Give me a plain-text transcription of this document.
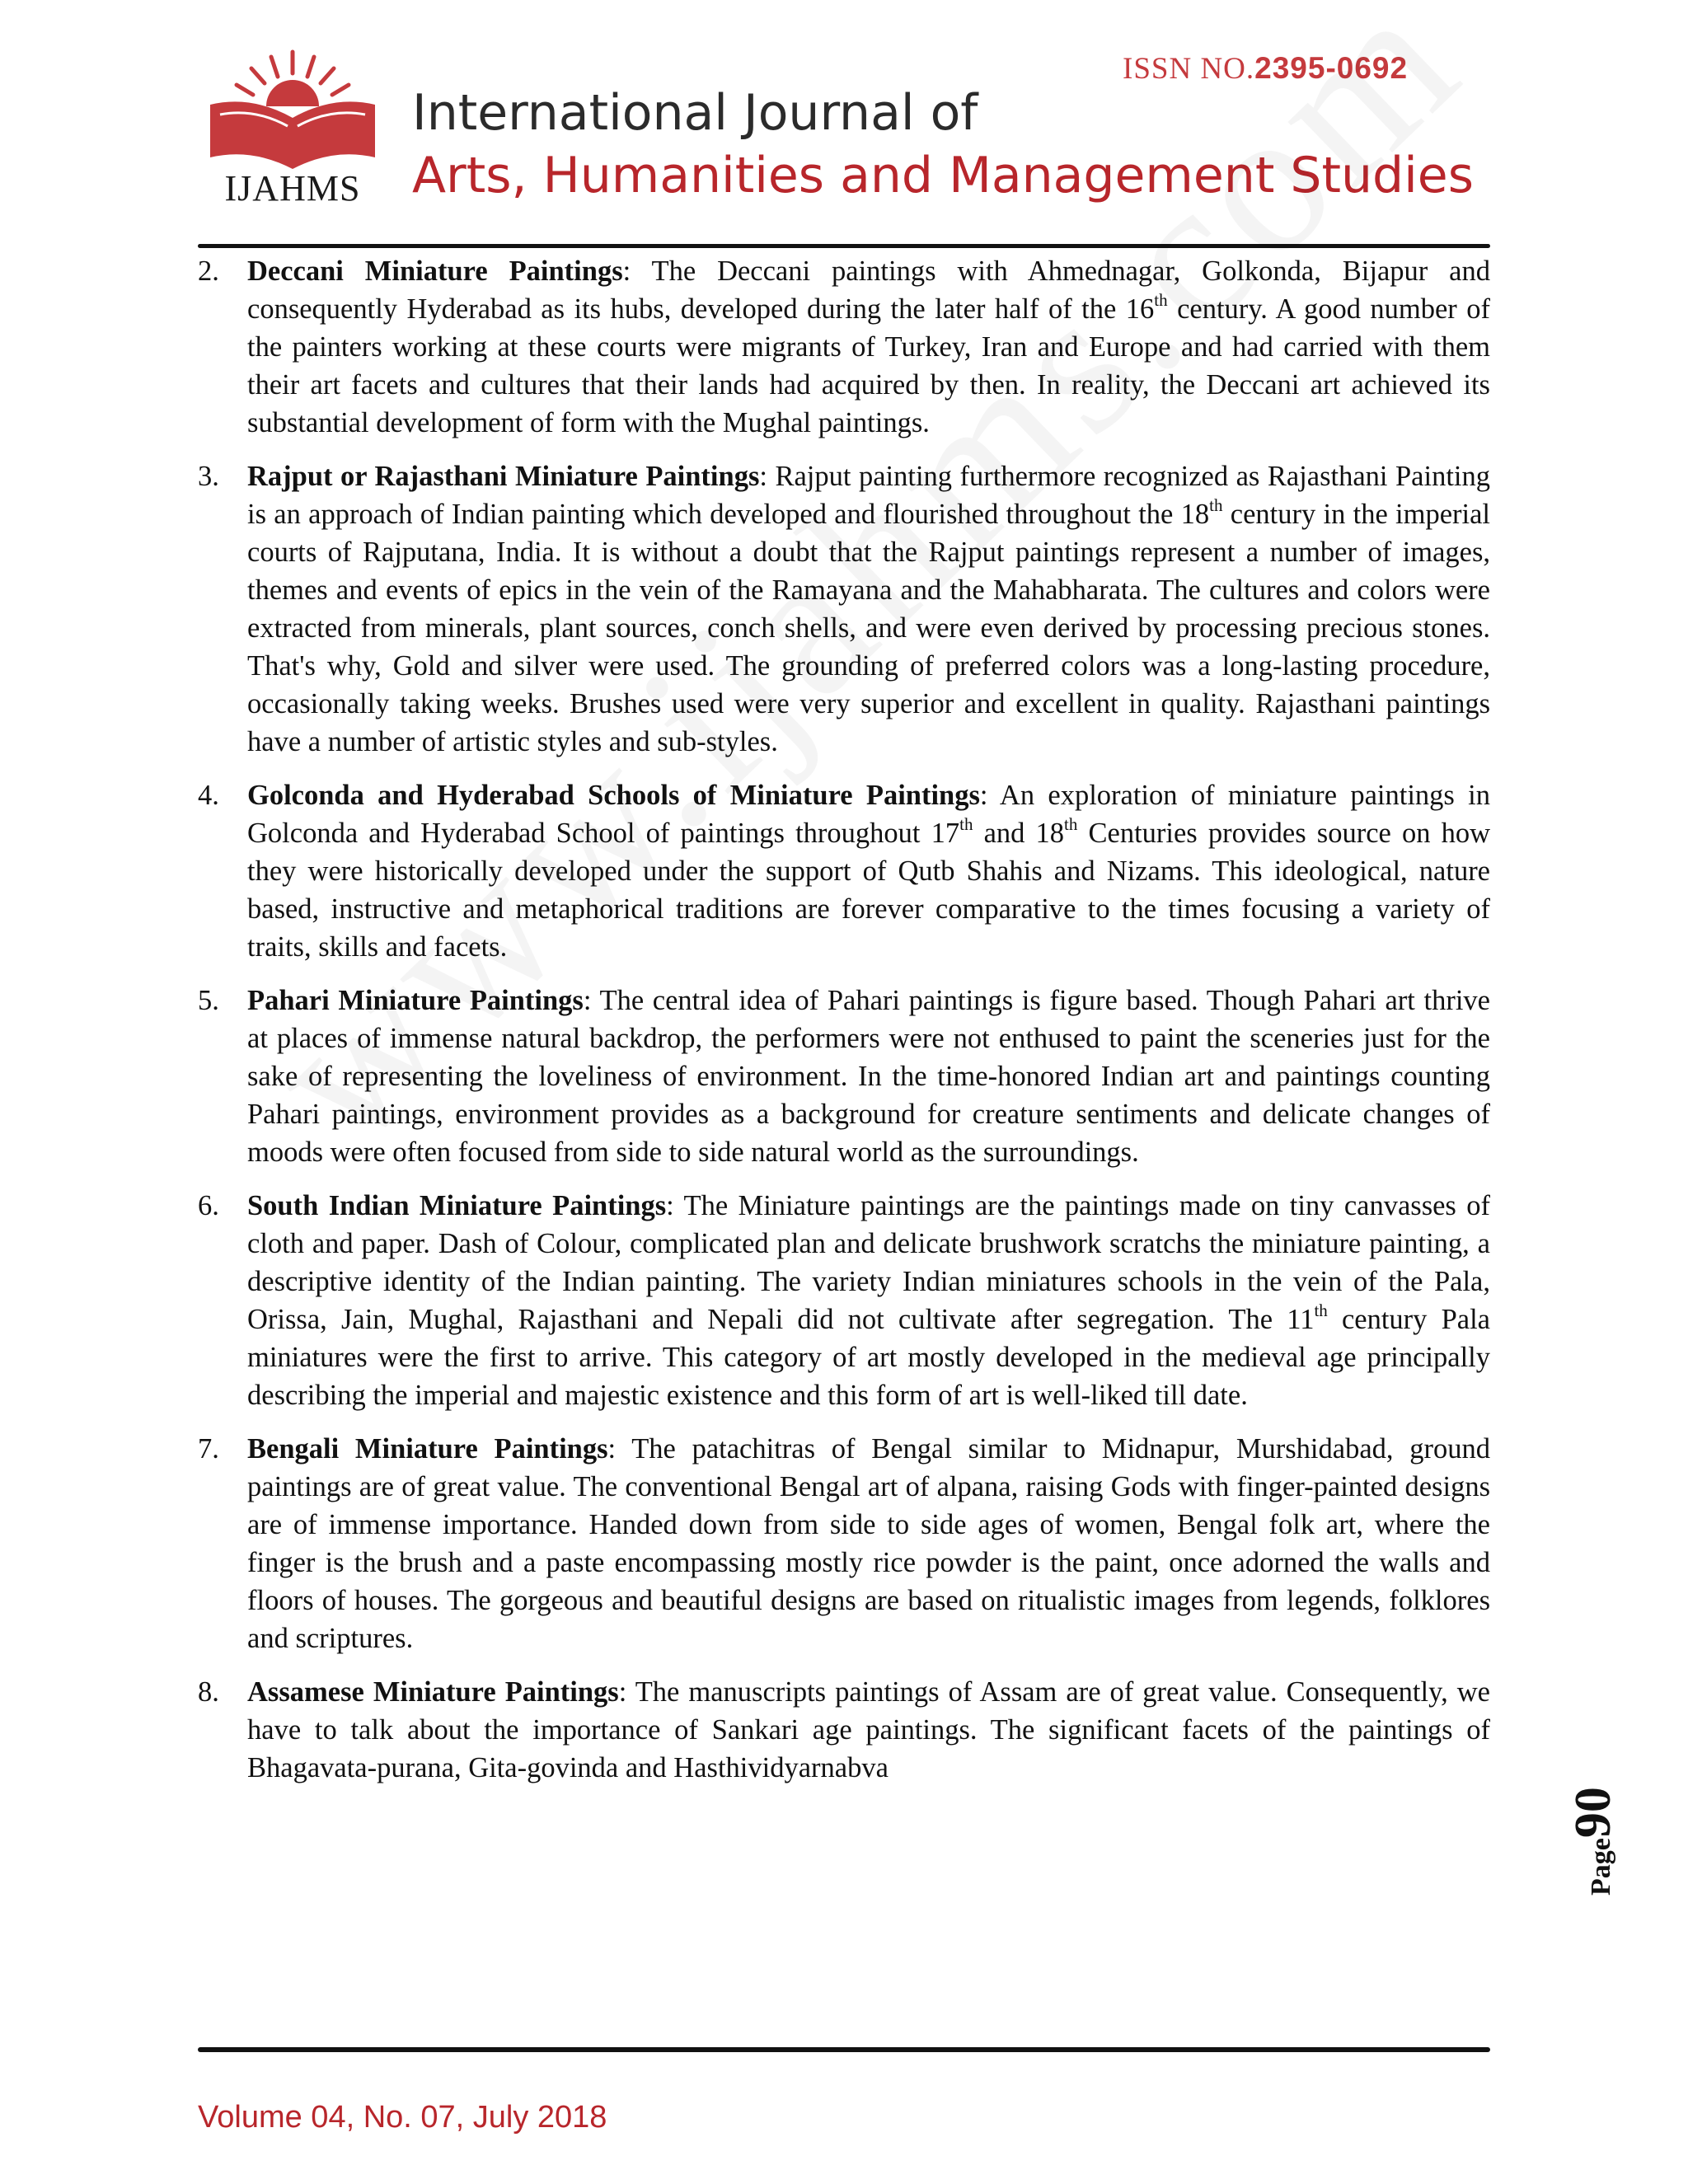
IJAHMS
ISSN NO.2395-0692
International Journal of
Arts, Humanities and Management Studies
2. Deccani Miniature Paintings: The Deccani paintings with Ahmednagar, Golkonda, Bijapur and consequently Hyderabad as its hubs, developed during the later half of the 16th century. A good number of the painters working at these courts were migrants of Turkey, Iran and Europe and had carried with them their art facets and cultures that their lands had acquired by then. In reality, the Deccani art achieved its substantial development of form with the Mughal paintings.
3. Rajput or Rajasthani Miniature Paintings: Rajput painting furthermore recognized as Rajasthani Painting is an approach of Indian painting which developed and flourished throughout the 18th century in the imperial courts of Rajputana, India. It is without a doubt that the Rajput paintings represent a number of images, themes and events of epics in the vein of the Ramayana and the Mahabharata. The cultures and colors were extracted from minerals, plant sources, conch shells, and were even derived by processing precious stones. That's why, Gold and silver were used. The grounding of preferred colors was a long-lasting procedure, occasionally taking weeks. Brushes used were very superior and excellent in quality. Rajasthani paintings have a number of artistic styles and sub-styles.
4. Golconda and Hyderabad Schools of Miniature Paintings: An exploration of miniature paintings in Golconda and Hyderabad School of paintings throughout 17th and 18th Centuries provides source on how they were historically developed under the support of Qutb Shahis and Nizams. This ideological, nature based, instructive and metaphorical traditions are forever comparative to the times focusing a variety of traits, skills and facets.
5. Pahari Miniature Paintings: The central idea of Pahari paintings is figure based. Though Pahari art thrive at places of immense natural backdrop, the performers were not enthused to paint the sceneries just for the sake of representing the loveliness of environment. In the time-honored Indian art and paintings counting Pahari paintings, environment provides as a background for creature sentiments and delicate changes of moods were often focused from side to side natural world as the surroundings.
6. South Indian Miniature Paintings: The Miniature paintings are the paintings made on tiny canvasses of cloth and paper. Dash of Colour, complicated plan and delicate brushwork scratchs the miniature painting, a descriptive identity of the Indian painting. The variety Indian miniatures schools in the vein of the Pala, Orissa, Jain, Mughal, Rajasthani and Nepali did not cultivate after segregation. The 11th century Pala miniatures were the first to arrive. This category of art mostly developed in the medieval age principally describing the imperial and majestic existence and this form of art is well-liked till date.
7. Bengali Miniature Paintings: The patachitras of Bengal similar to Midnapur, Murshidabad, ground paintings are of great value. The conventional Bengal art of alpana, raising Gods with finger-painted designs are of immense importance. Handed down from side to side ages of women, Bengal folk art, where the finger is the brush and a paste encompassing mostly rice powder is the paint, once adorned the walls and floors of houses. The gorgeous and beautiful designs are based on ritualistic images from legends, folklores and scriptures.
8. Assamese Miniature Paintings: The manuscripts paintings of Assam are of great value. Consequently, we have to talk about the importance of Sankari age paintings. The significant facets of the paintings of Bhagavata-purana, Gita-govinda and Hasthividyarnabva
Page90
Volume 04, No. 07, July 2018
